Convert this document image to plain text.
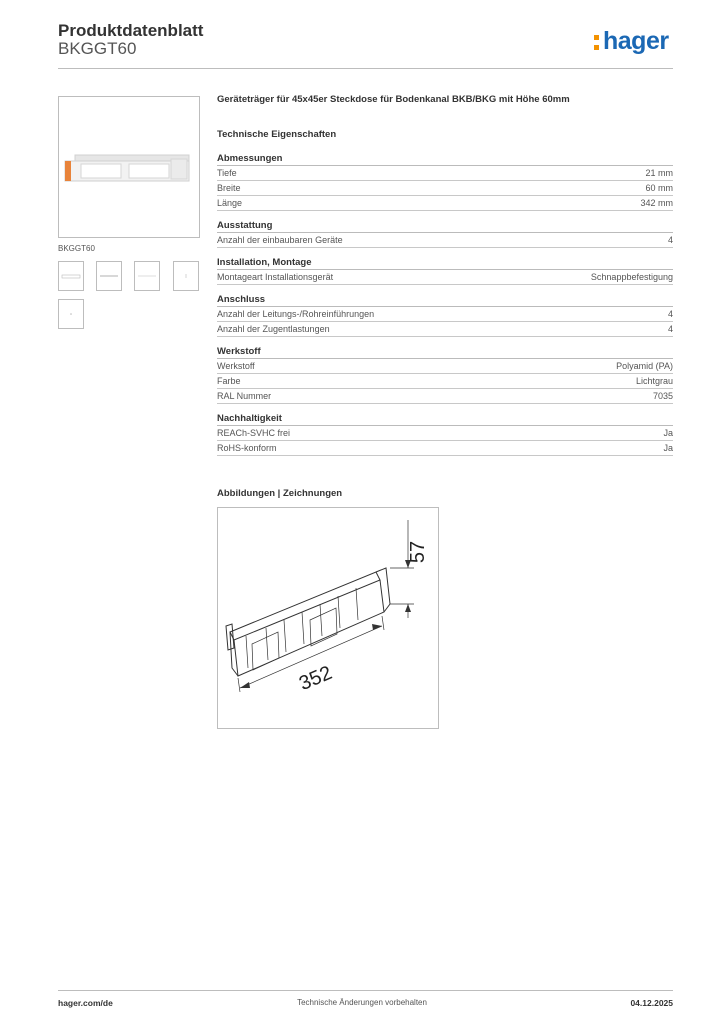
Produktdatenblatt
BKGGT60	hager
BKGGT60
Geräteträger für 45x45er Steckdose für Bodenkanal BKB/BKG mit Höhe 60mm
Technische Eigenschaften
Abmessungen
Tiefe	21 mm
Breite	60 mm
Länge	342 mm
Ausstattung
Anzahl der einbaubaren Geräte	4
Installation, Montage
Montageart Installationsgerät	Schnappbefestigung
Anschluss
Anzahl der Leitungs-/Rohreinführungen	4
Anzahl der Zugentlastungen	4
Werkstoff
Werkstoff	Polyamid (PA)
Farbe	Lichtgrau
RAL Nummer	7035
Nachhaltigkeit
REACh-SVHC frei	Ja
RoHS-konform	Ja
Abbildungen | Zeichnungen
57
352
hager.com/de	Technische Änderungen vorbehalten	04.12.2025
